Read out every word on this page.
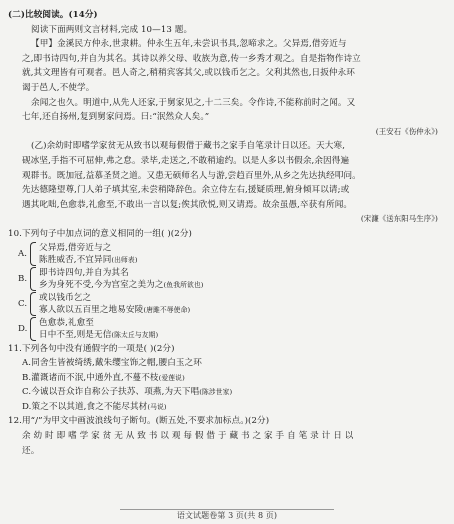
(二)比较阅读。(14分)
阅读下面两则文言材料,完成 10—13 题。
【甲】金溪民方仲永,世隶耕。仲永生五年,未尝识书具,忽啼求之。父异焉,借旁近与
之,即书诗四句,并自为其名。其诗以养父母、收族为意,传一乡秀才观之。自是指物作诗立
就,其文理皆有可观者。邑人奇之,稍稍宾客其父,或以钱币乞之。父利其然也,日扳仲永环
谒于邑人,不使学。
余闻之也久。明道中,从先人还家,于舅家见之,十二三矣。令作诗,不能称前时之闻。又
七年,还自扬州,复到舅家问焉。曰:“泯然众人矣。”
(王安石《伤仲永》)
(乙)余幼时即嗜学家贫无从致书以观每假借于藏书之家手自笔录计日以还。天大寒,
砚冰坚,手指不可屈伸,弗之怠。录毕,走送之,不敢稍逾约。以是人多以书假余,余因得遍
观群书。既加冠,益慕圣贤之道。又患无硕师名人与游,尝趋百里外,从乡之先达执经叩问。
先达德隆望尊,门人弟子填其室,未尝稍降辞色。余立侍左右,援疑质理,俯身倾耳以请;或
遇其叱咄,色愈恭,礼愈至,不敢出一言以复;俟其欣悦,则又请焉。故余虽愚,卒获有所闻。
(宋濂《送东阳马生序》)
10.下列句子中加点词的意义相同的一组( )(2分)
A.
父异焉,借旁近与之
陈胜威否,不宜异同(出师表)
B.
即书诗四句,并自为其名
乡为身死不受,今为宫室之美为之(鱼我所欲也)
C.
或以钱币乞之
寡人欲以五百里之地易安陵(唐雎不辱使命)
D.
色愈恭,礼愈至
日中不至,则是无信(陈太丘与友期)
11.下列各句中没有通假字的一项是( )(2分)
A.同舍生皆被绮绣,戴朱缨宝饰之帽,腰白玉之环
B.灌溉诸而不泯,中通外直,不蔓不枝(爱莲说)
C.今诚以吾众诈自称公子扶苏、项燕,为天下唱(陈涉世家)
D.策之不以其道,食之不能尽其材(马说)
12.用“/”为甲文中画波浪线句子断句。(断五处,不要求加标点。)(2分)
余 幼 时 即 嗜 学 家 贫 无 从 致 书 以 观 每 假 借 于 藏 书 之 家 手 自 笔 录 计 日 以
还。
语文试题卷第 3 页(共 8 页)
